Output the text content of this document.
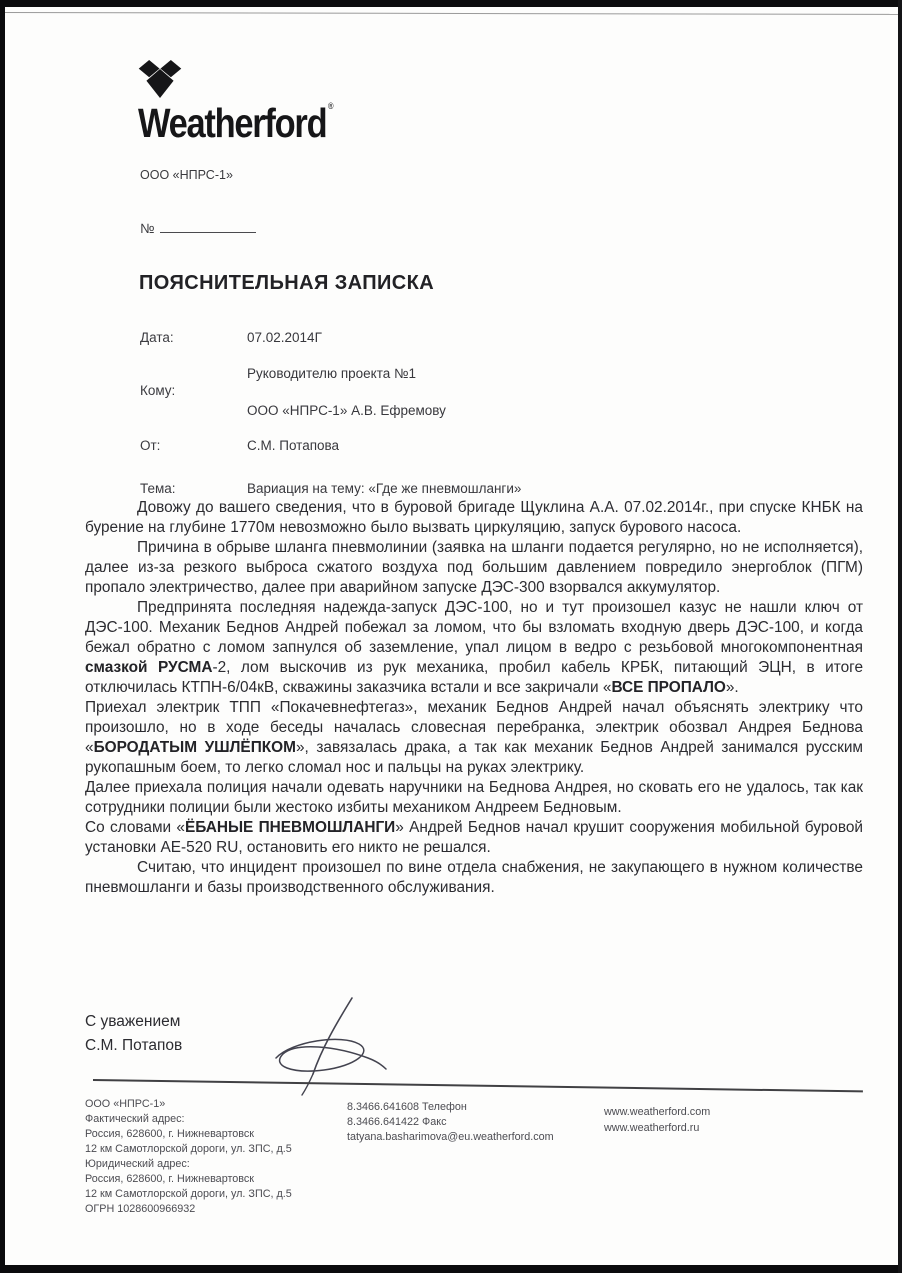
Weatherford ®
ООО «НПРС-1»
№
ПОЯСНИТЕЛЬНАЯ ЗАПИСКА
Дата:	07.02.2014Г
Кому:
Руководителю проекта №1
ООО «НПРС-1» А.В. Ефремову
От:	С.М. Потапова
Тема:	Вариация на тему: «Где же пневмошланги»

Довожу до вашего сведения, что в буровой бригаде Щуклина А.А. 07.02.2014г., при спуске КНБК на бурение на глубине 1770м невозможно было вызвать циркуляцию, запуск бурового насоса.

Причина в обрыве шланга пневмолинии (заявка на шланги подается регулярно, но не исполняется), далее из-за резкого выброса сжатого воздуха под большим давлением повредило энергоблок (ПГМ) пропало электричество, далее при аварийном запуске ДЭС-300 взорвался аккумулятор.

Предпринята последняя надежда-запуск ДЭС-100, но и тут произошел казус не нашли ключ от ДЭС-100. Механик Беднов Андрей побежал за ломом, что бы взломать входную дверь ДЭС-100, и когда бежал обратно с ломом запнулся об заземление, упал лицом в ведро с резьбовой многокомпонентная смазкой РУСМА-2, лом выскочив из рук механика, пробил кабель КРБК, питающий ЭЦН, в итоге отключилась КТПН-6/04кВ, скважины заказчика встали и все закричали «ВСЕ ПРОПАЛО».

Приехал электрик ТПП «Покачевнефтегаз», механик Беднов Андрей начал объяснять электрику что произошло, но в ходе беседы началась словесная перебранка, электрик обозвал Андрея Беднова «БОРОДАТЫМ УШЛЁПКОМ», завязалась драка, а так как механик Беднов Андрей занимался русским рукопашным боем, то легко сломал нос и пальцы на руках электрику.

Далее приехала полиция начали одевать наручники на Беднова Андрея, но сковать его не удалось, так как сотрудники полиции были жестоко избиты механиком Андреем Бедновым.

Со словами «ЁБАНЫЕ ПНЕВМОШЛАНГИ» Андрей Беднов начал крушит сооружения мобильной буровой установки АЕ-520 RU, остановить его никто не решался.

Считаю, что инцидент произошел по вине отдела снабжения, не закупающего в нужном количестве пневмошланги и базы производственного обслуживания.

С уважением
С.М. Потапов
ООО «НПРС-1»
Фактический адрес:
Россия, 628600, г. Нижневартовск
12 км Самотлорской дороги, ул. ЗПС, д.5
Юридический адрес:
Россия, 628600, г. Нижневартовск
12 км Самотлорской дороги, ул. ЗПС, д.5
ОГРН 1028600966932
8.3466.641608 Телефон
8.3466.641422 Факс
tatyana.basharimova@eu.weatherford.com
www.weatherford.com
www.weatherford.ru
